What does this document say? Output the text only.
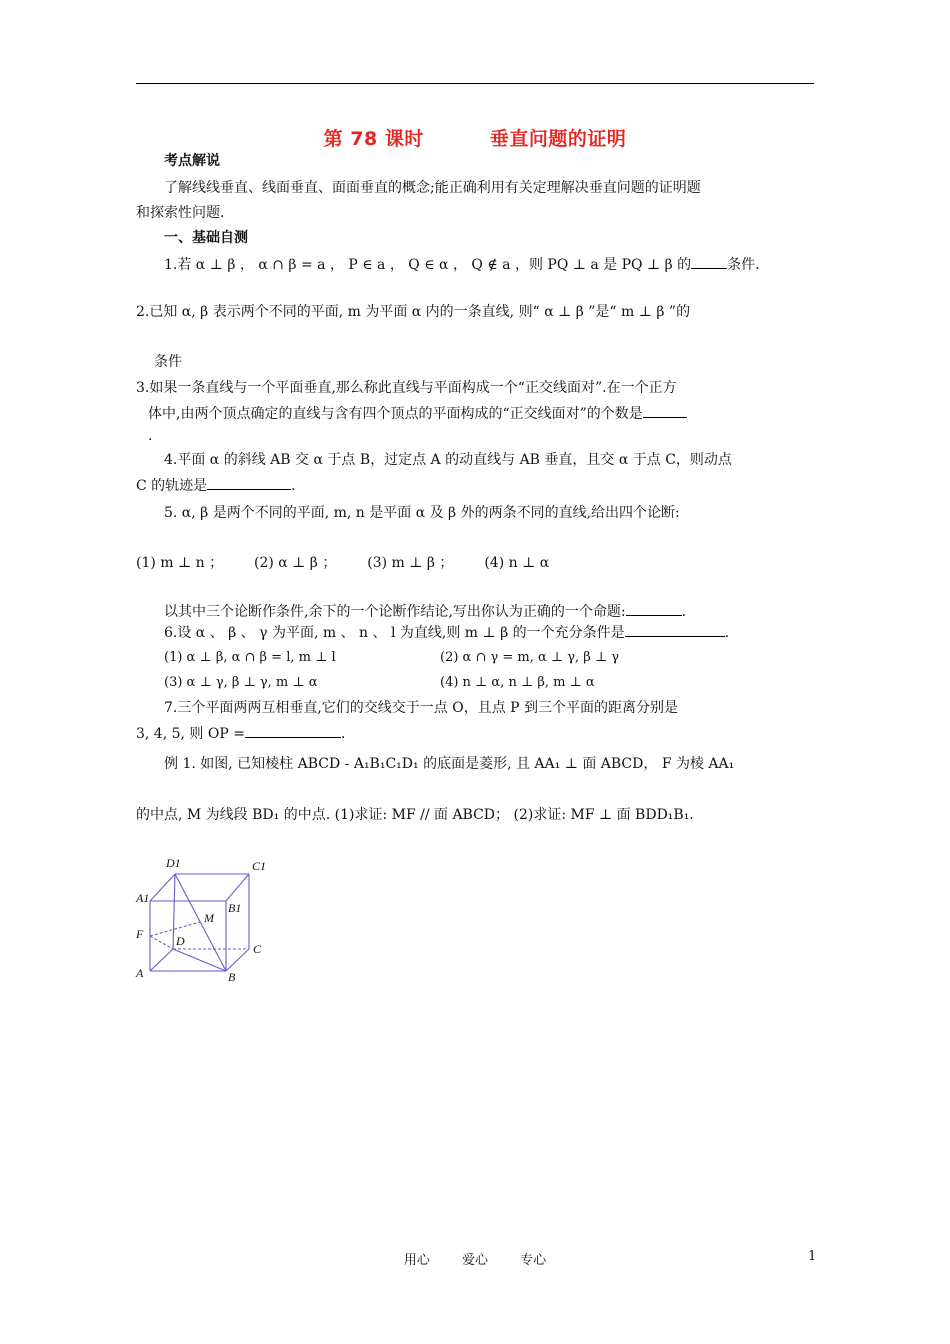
第 78 课时	垂直问题的证明
考点解说
了解线线垂直、线面垂直、面面垂直的概念;能正确利用有关定理解决垂直问题的证明题
和探索性问题.
一、基础自测
1.若 α ⊥ β ， α ∩ β = a ， P ∈ a ， Q ∈ α ， Q ∉ a ，则 PQ ⊥ a 是 PQ ⊥ β 的	条件.
2.已知 α, β 表示两个不同的平面, m 为平面 α 内的一条直线, 则“ α ⊥ β ”是“ m ⊥ β ”的
条件
3.如果一条直线与一个平面垂直,那么称此直线与平面构成一个“正交线面对”.在一个正方
体中,由两个顶点确定的直线与含有四个顶点的平面构成的“正交线面对”的个数是
.
4.平面 α 的斜线 AB 交 α 于点 B，过定点 A 的动直线与 AB 垂直，且交 α 于点 C，则动点
C 的轨迹是	.
5. α, β 是两个不同的平面, m, n 是平面 α 及 β 外的两条不同的直线,给出四个论断:
(1) m ⊥ n ； (2) α ⊥ β ； (3) m ⊥ β ； (4) n ⊥ α
以其中三个论断作条件,余下的一个论断作结论,写出你认为正确的一个命题:	.
6.设 α 、 β 、 γ 为平面, m 、 n 、 l 为直线,则 m ⊥ β 的一个充分条件是	.
(1) α ⊥ β, α ∩ β = l, m ⊥ l	(2) α ∩ γ = m, α ⊥ γ, β ⊥ γ
(3) α ⊥ γ, β ⊥ γ, m ⊥ α	(4) n ⊥ α, n ⊥ β, m ⊥ α
7.三个平面两两互相垂直,它们的交线交于一点 O，且点 P 到三个平面的距离分别是
3, 4, 5, 则 OP =	.
例 1. 如图, 已知棱柱 ABCD - A₁B₁C₁D₁ 的底面是菱形, 且 AA₁ ⊥ 面 ABCD， F 为棱 AA₁
的中点, M 为线段 BD₁ 的中点. (1)求证: MF // 面 ABCD； (2)求证: MF ⊥ 面 BDD₁B₁.
D1	C1
A1
B1
M
F	D
C
A	B
用心 爱心 专心	1
